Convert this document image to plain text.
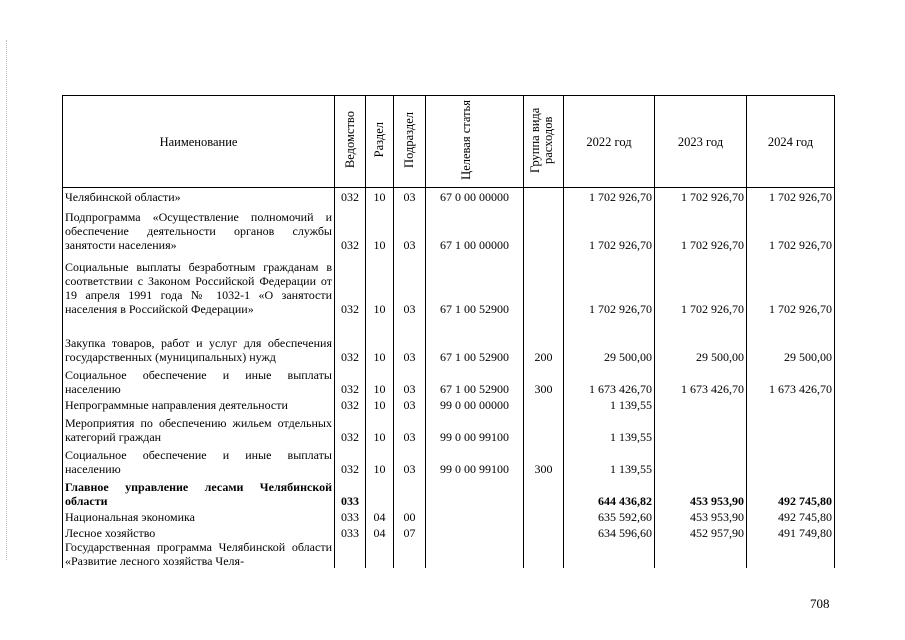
Наименование	Ведомство	Раздел	Подраздел	Целевая статья	Группа вида расходов	2022 год	2023 год	2024 год
Челябинской области»	032	10	03	67 0 00 00000		1 702 926,70	1 702 926,70	1 702 926,70
Подпрограмма «Осуществление полномочий и обеспечение деятельности органов службы занятости населения»	032	10	03	67 1 00 00000		1 702 926,70	1 702 926,70	1 702 926,70
Социальные выплаты безработным гражданам в соответствии с Законом Российской Федерации от 19 апреля 1991 года № 1032-1 «О занятости населения в Российской Федерации»	032	10	03	67 1 00 52900		1 702 926,70	1 702 926,70	1 702 926,70
Закупка товаров, работ и услуг для обеспечения государственных (муниципальных) нужд	032	10	03	67 1 00 52900	200	29 500,00	29 500,00	29 500,00
Социальное обеспечение и иные выплаты населению	032	10	03	67 1 00 52900	300	1 673 426,70	1 673 426,70	1 673 426,70
Непрограммные направления деятельности	032	10	03	99 0 00 00000		1 139,55		
Мероприятия по обеспечению жильем отдельных категорий граждан	032	10	03	99 0 00 99100		1 139,55		
Социальное обеспечение и иные выплаты населению	032	10	03	99 0 00 99100	300	1 139,55		
Главное управление лесами Челябинской области	033					644 436,82	453 953,90	492 745,80
Национальная экономика	033	04	00			635 592,60	453 953,90	492 745,80
Лесное хозяйство	033	04	07			634 596,60	452 957,90	491 749,80
Государственная программа Челябинской области «Развитие лесного хозяйства Челя-								
708
